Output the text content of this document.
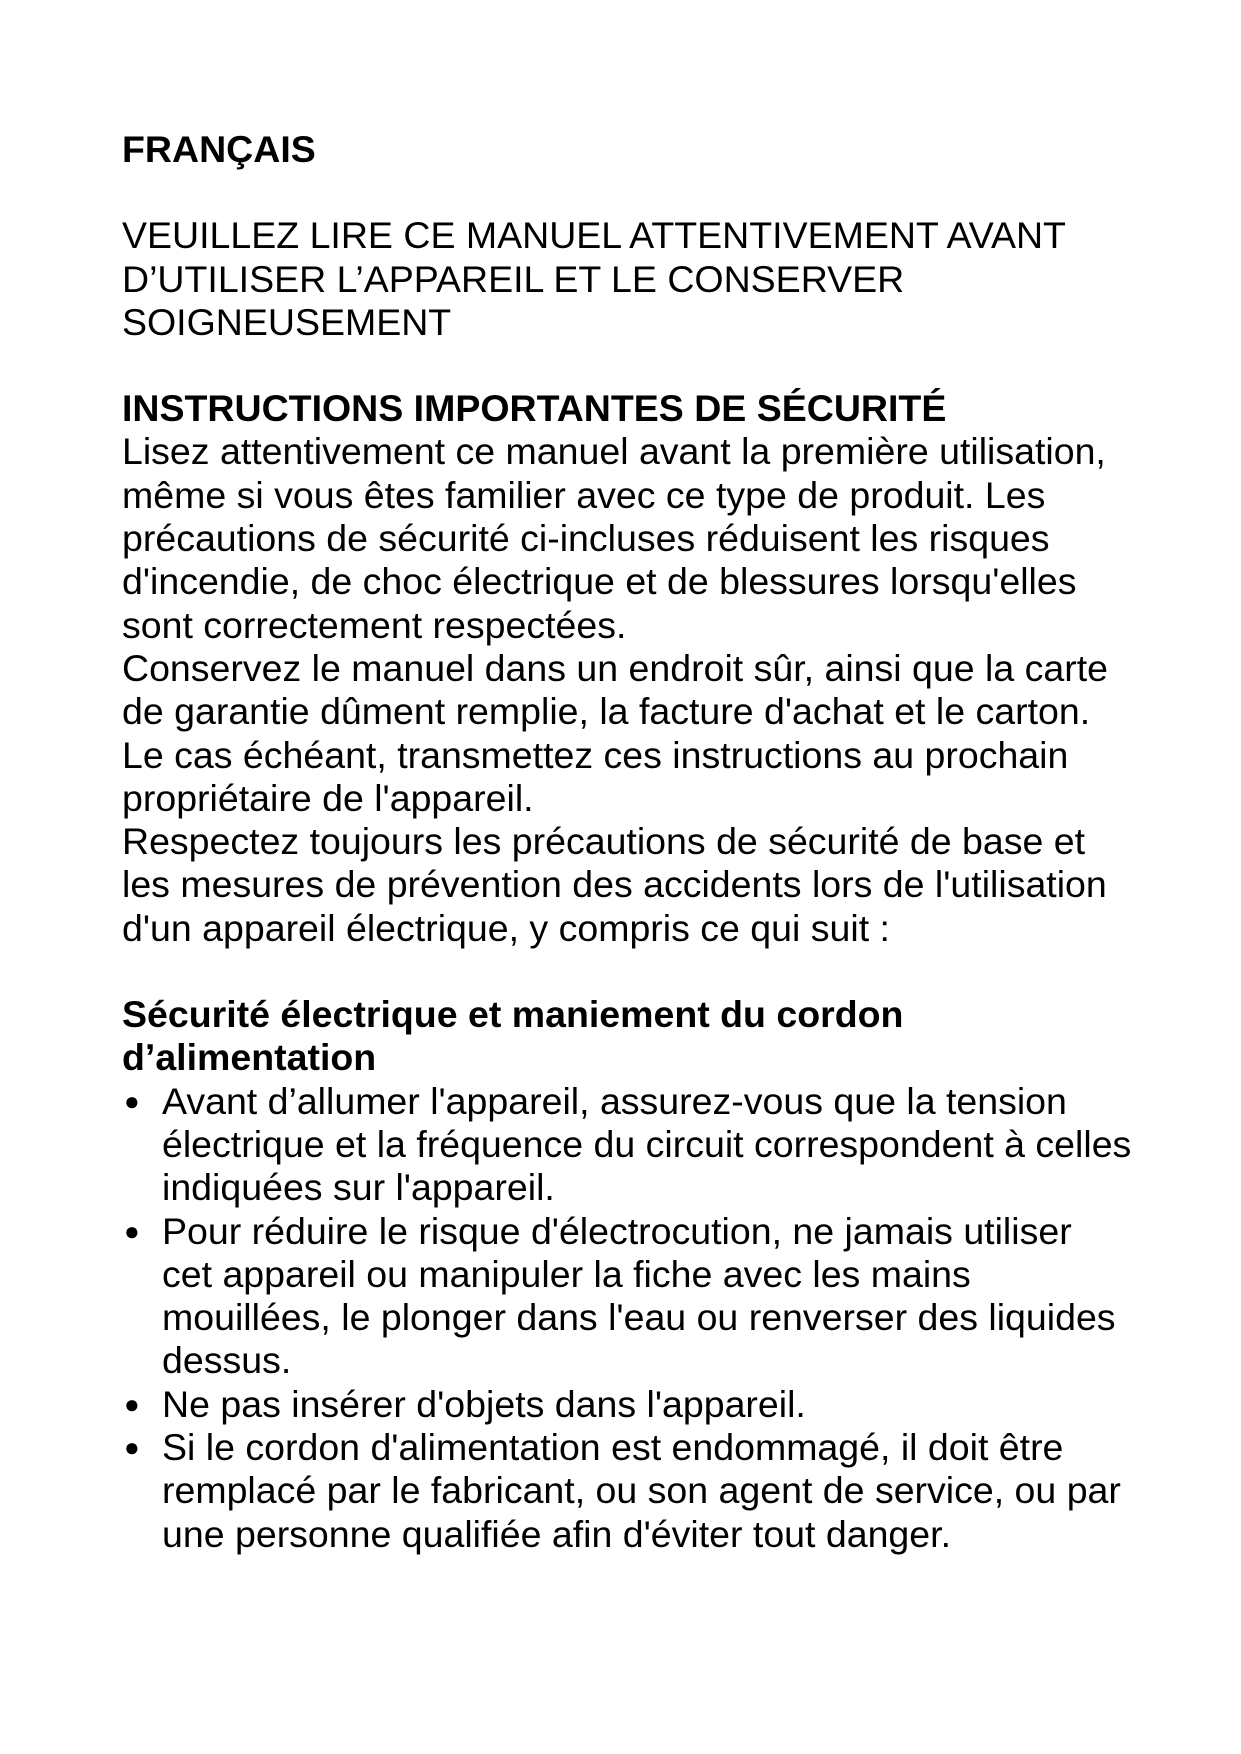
FRANÇAIS

VEUILLEZ LIRE CE MANUEL ATTENTIVEMENT AVANT
D’UTILISER L’APPAREIL ET LE CONSERVER
SOIGNEUSEMENT

INSTRUCTIONS IMPORTANTES DE SÉCURITÉ

Lisez attentivement ce manuel avant la première utilisation, même si vous êtes familier avec ce type de produit. Les précautions de sécurité ci-incluses réduisent les risques d'incendie, de choc électrique et de blessures lorsqu'elles sont correctement respectées.

Conservez le manuel dans un endroit sûr, ainsi que la carte de garantie dûment remplie, la facture d'achat et le carton. Le cas échéant, transmettez ces instructions au prochain propriétaire de l'appareil.

Respectez toujours les précautions de sécurité de base et les mesures de prévention des accidents lors de l'utilisation d'un appareil électrique, y compris ce qui suit :

Sécurité électrique et maniement du cordon
d’alimentation
● Avant d’allumer l'appareil, assurez-vous que la tension électrique et la fréquence du circuit correspondent à celles indiquées sur l'appareil.
● Pour réduire le risque d'électrocution, ne jamais utiliser cet appareil ou manipuler la fiche avec les mains mouillées, le plonger dans l'eau ou renverser des liquides dessus.
● Ne pas insérer d'objets dans l'appareil.
● Si le cordon d'alimentation est endommagé, il doit être remplacé par le fabricant, ou son agent de service, ou par une personne qualifiée afin d'éviter tout danger.
